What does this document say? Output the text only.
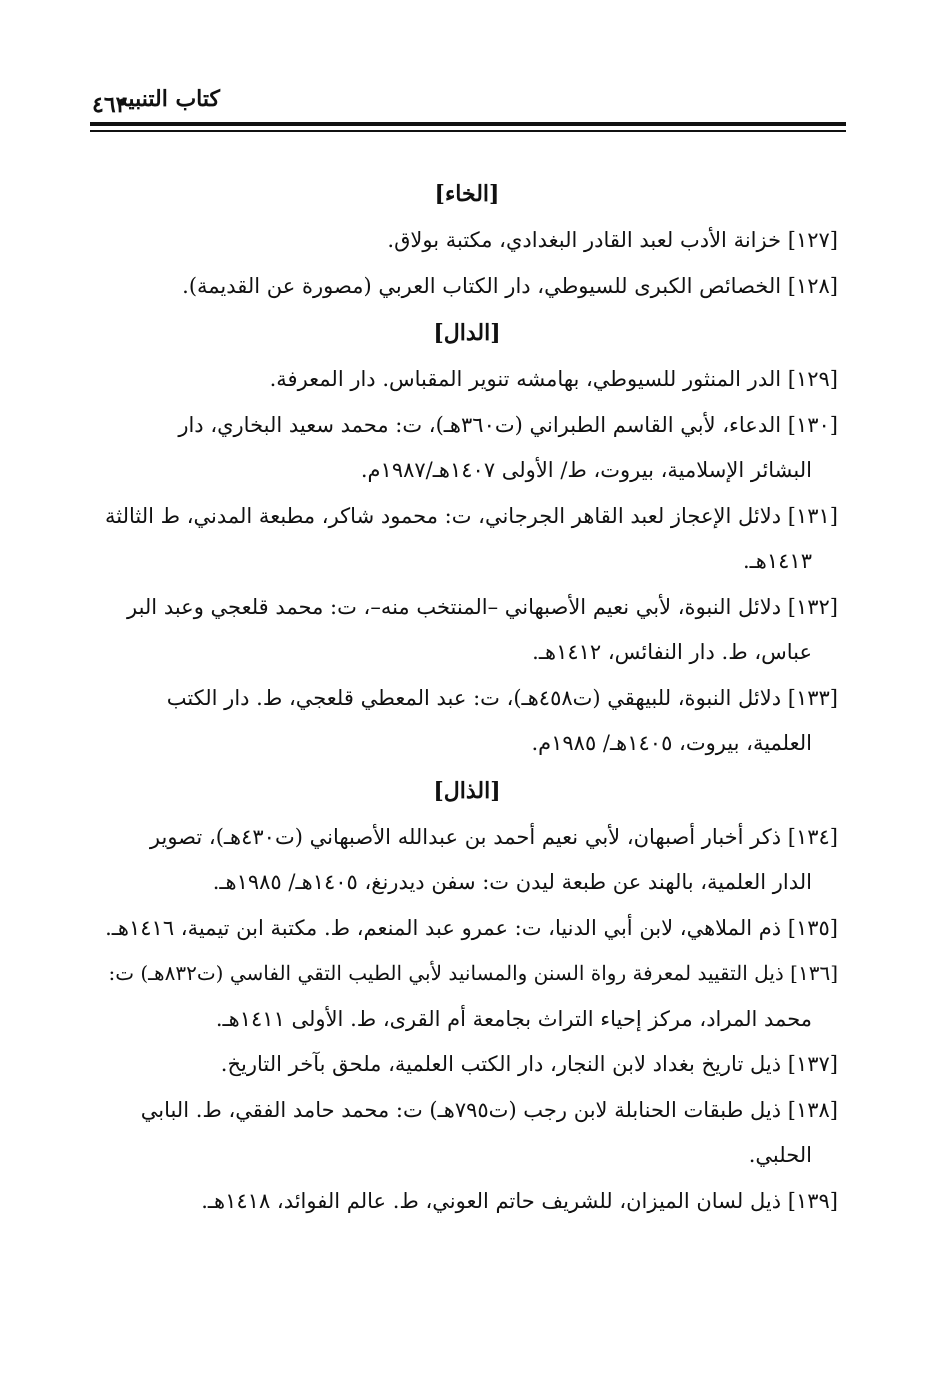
كتاب التنبيه
٤٦٢
[الخاء]

[١٢٧] خزانة الأدب لعبد القادر البغدادي، مكتبة بولاق.

[١٢٨] الخصائص الكبرى للسيوطي، دار الكتاب العربي (مصورة عن القديمة).

[الدال]

[١٢٩] الدر المنثور للسيوطي، بهامشه تنوير المقباس. دار المعرفة.

[١٣٠] الدعاء، لأبي القاسم الطبراني (ت٣٦٠هـ)، ت: محمد سعيد البخاري، دار
البشائر الإسلامية، بيروت، ط/ الأولى ١٤٠٧هـ/١٩٨٧م.

[١٣١] دلائل الإعجاز لعبد القاهر الجرجاني، ت: محمود شاكر، مطبعة المدني، ط الثالثة
١٤١٣هـ.

[١٣٢] دلائل النبوة، لأبي نعيم الأصبهاني –المنتخب منه–، ت: محمد قلعجي وعبد البر
عباس، ط. دار النفائس، ١٤١٢هـ.

[١٣٣] دلائل النبوة، للبيهقي (ت٤٥٨هـ)، ت: عبد المعطي قلعجي، ط. دار الكتب
العلمية، بيروت، ١٤٠٥هـ/ ١٩٨٥م.

[الذال]

[١٣٤] ذكر أخبار أصبهان، لأبي نعيم أحمد بن عبدالله الأصبهاني (ت٤٣٠هـ)، تصوير
الدار العلمية، بالهند عن طبعة ليدن ت: سفن ديدرنغ، ١٤٠٥هـ/ ١٩٨٥هـ.

[١٣٥] ذم الملاهي، لابن أبي الدنيا، ت: عمرو عبد المنعم، ط. مكتبة ابن تيمية، ١٤١٦هـ.

[١٣٦] ذيل التقييد لمعرفة رواة السنن والمسانيد لأبي الطيب التقي الفاسي (ت٨٣٢هـ) ت:
محمد المراد، مركز إحياء التراث بجامعة أم القرى، ط. الأولى ١٤١١هـ.

[١٣٧] ذيل تاريخ بغداد لابن النجار، دار الكتب العلمية، ملحق بآخر التاريخ.

[١٣٨] ذيل طبقات الحنابلة لابن رجب (ت٧٩٥هـ) ت: محمد حامد الفقي، ط. البابي
الحلبي.

[١٣٩] ذيل لسان الميزان، للشريف حاتم العوني، ط. عالم الفوائد، ١٤١٨هـ.
